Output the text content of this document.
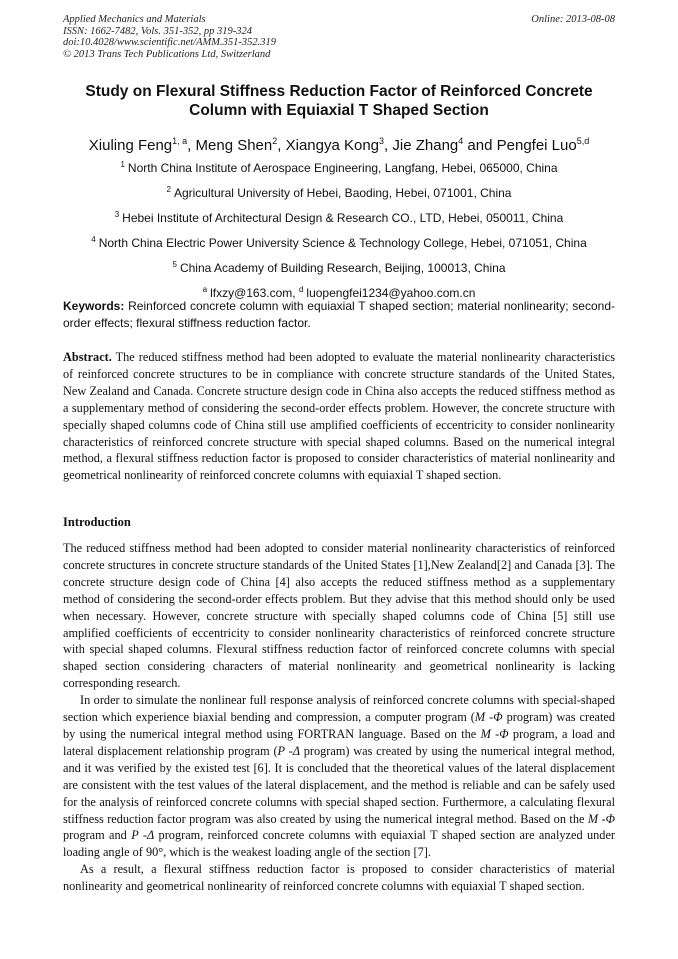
Applied Mechanics and Materials
ISSN: 1662-7482, Vols. 351-352, pp 319-324
doi:10.4028/www.scientific.net/AMM.351-352.319
© 2013 Trans Tech Publications Ltd, Switzerland
Online: 2013-08-08
Study on Flexural Stiffness Reduction Factor of Reinforced Concrete Column with Equiaxial T Shaped Section
Xiuling Feng$^{1, a}$, Meng Shen$^2$, Xiangya Kong$^3$, Jie Zhang$^4$ and Pengfei Luo$^{5,d}$
$^1$ North China Institute of Aerospace Engineering, Langfang, Hebei, 065000, China
$^2$ Agricultural University of Hebei, Baoding, Hebei, 071001, China
$^3$ Hebei Institute of Architectural Design & Research CO., LTD, Hebei, 050011, China
$^4$ North China Electric Power University Science & Technology College, Hebei, 071051, China
$^5$ China Academy of Building Research, Beijing, 100013, China
$^a$ lfxzy@163.com, $^d$ luopengfei1234@yahoo.com.cn
Keywords: Reinforced concrete column with equiaxial T shaped section; material nonlinearity; second-order effects; flexural stiffness reduction factor.
Abstract. The reduced stiffness method had been adopted to evaluate the material nonlinearity characteristics of reinforced concrete structures to be in compliance with concrete structure standards of the United States, New Zealand and Canada. Concrete structure design code in China also accepts the reduced stiffness method as a supplementary method of considering the second-order effects problem. However, the concrete structure with specially shaped columns code of China still use amplified coefficients of eccentricity to consider nonlinearity characteristics of reinforced concrete structure with special shaped columns. Based on the numerical integral method, a flexural stiffness reduction factor is proposed to consider characteristics of material nonlinearity and geometrical nonlinearity of reinforced concrete columns with equiaxial T shaped section.
Introduction

The reduced stiffness method had been adopted to consider material nonlinearity characteristics of reinforced concrete structures in concrete structure standards of the United States [1],New Zealand[2] and Canada [3]. The concrete structure design code of China [4] also accepts the reduced stiffness method as a supplementary method of considering the second-order effects problem. But they advise that this method should only be used when necessary. However, concrete structure with specially shaped columns code of China [5] still use amplified coefficients of eccentricity to consider nonlinearity characteristics of reinforced concrete structure with special shaped columns. Flexural stiffness reduction factor of reinforced concrete columns with special shaped section considering characters of material nonlinearity and geometrical nonlinearity is lacking corresponding research.

In order to simulate the nonlinear full response analysis of reinforced concrete columns with special-shaped section which experience biaxial bending and compression, a computer program (M -Φ program) was created by using the numerical integral method using FORTRAN language. Based on the M -Φ program, a load and lateral displacement relationship program (P -Δ program) was created by using the numerical integral method, and it was verified by the existed test [6]. It is concluded that the theoretical values of the lateral displacement are consistent with the test values of the lateral displacement, and the method is reliable and can be safely used for the analysis of reinforced concrete columns with special shaped section. Furthermore, a calculating flexural stiffness reduction factor program was also created by using the numerical integral method. Based on the M -Φ program and P -Δ program, reinforced concrete columns with equiaxial T shaped section are analyzed under loading angle of 90°, which is the weakest loading angle of the section [7].

As a result, a flexural stiffness reduction factor is proposed to consider characteristics of material nonlinearity and geometrical nonlinearity of reinforced concrete columns with equiaxial T shaped section.
